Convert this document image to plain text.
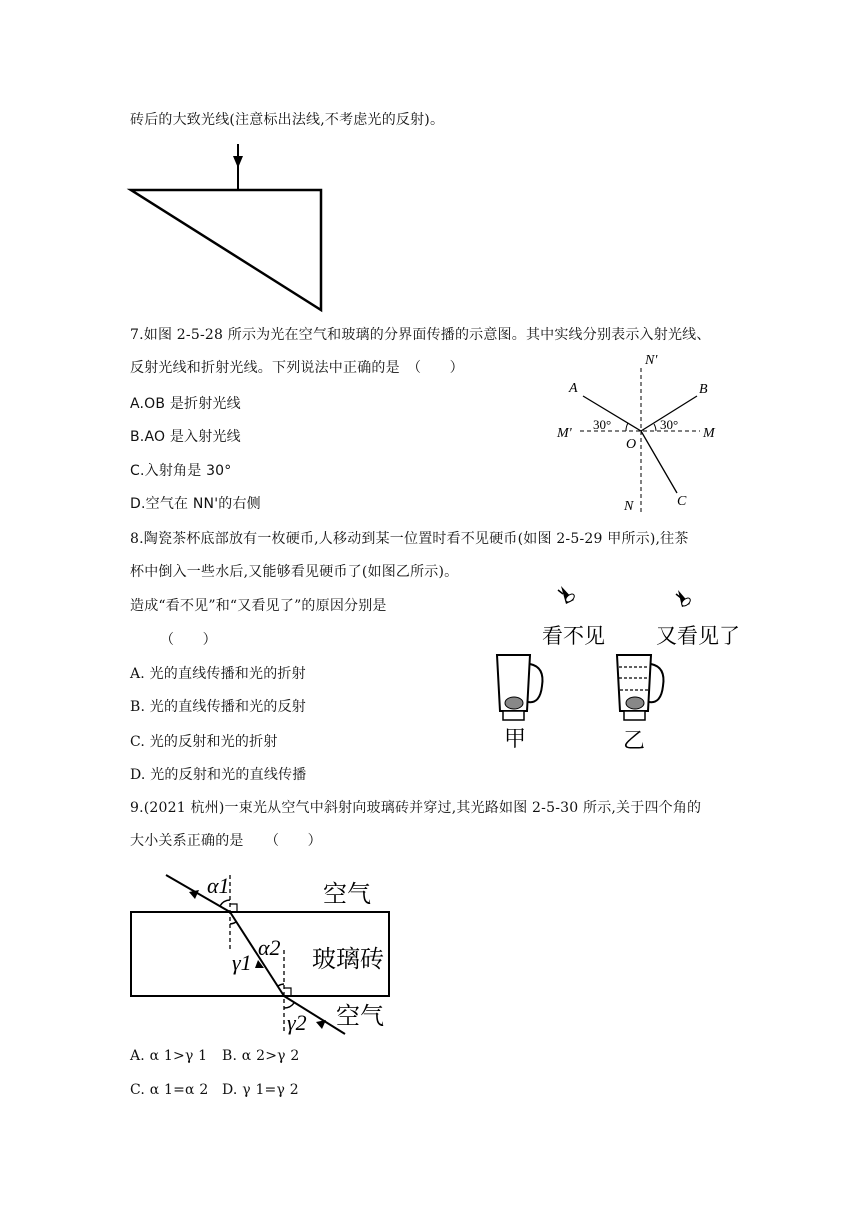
砖后的大致光线(注意标出法线,不考虑光的反射)。
7.如图 2-5-28 所示为光在空气和玻璃的分界面传播的示意图。其中实线分别表示入射光线、
反射光线和折射光线。下列说法中正确的是　（　　）
A.OB 是折射光线
B.AO 是入射光线
C.入射角是 30°
D.空气在 NN'的右侧
N'
N
M'	M
O
A	B
C
30°	30°
8.陶瓷茶杯底部放有一枚硬币,人移动到某一位置时看不见硬币(如图 2-5-29 甲所示),往茶
杯中倒入一些水后,又能够看见硬币了(如图乙所示)。
造成“看不见”和“又看见了”的原因分别是
（　　）
A. 光的直线传播和光的折射
B. 光的直线传播和光的反射
C. 光的反射和光的折射
D. 光的反射和光的直线传播
看不见 又看见了
甲	乙
9.(2021 杭州)一束光从空气中斜射向玻璃砖并穿过,其光路如图 2-5-30 所示,关于四个角的
大小关系正确的是　　（　　）
α1
γ1
α2
γ2
空气
玻璃砖
空气
A. α 1>γ 1 B. α 2>γ 2
C. α 1=α 2 D. γ 1=γ 2
